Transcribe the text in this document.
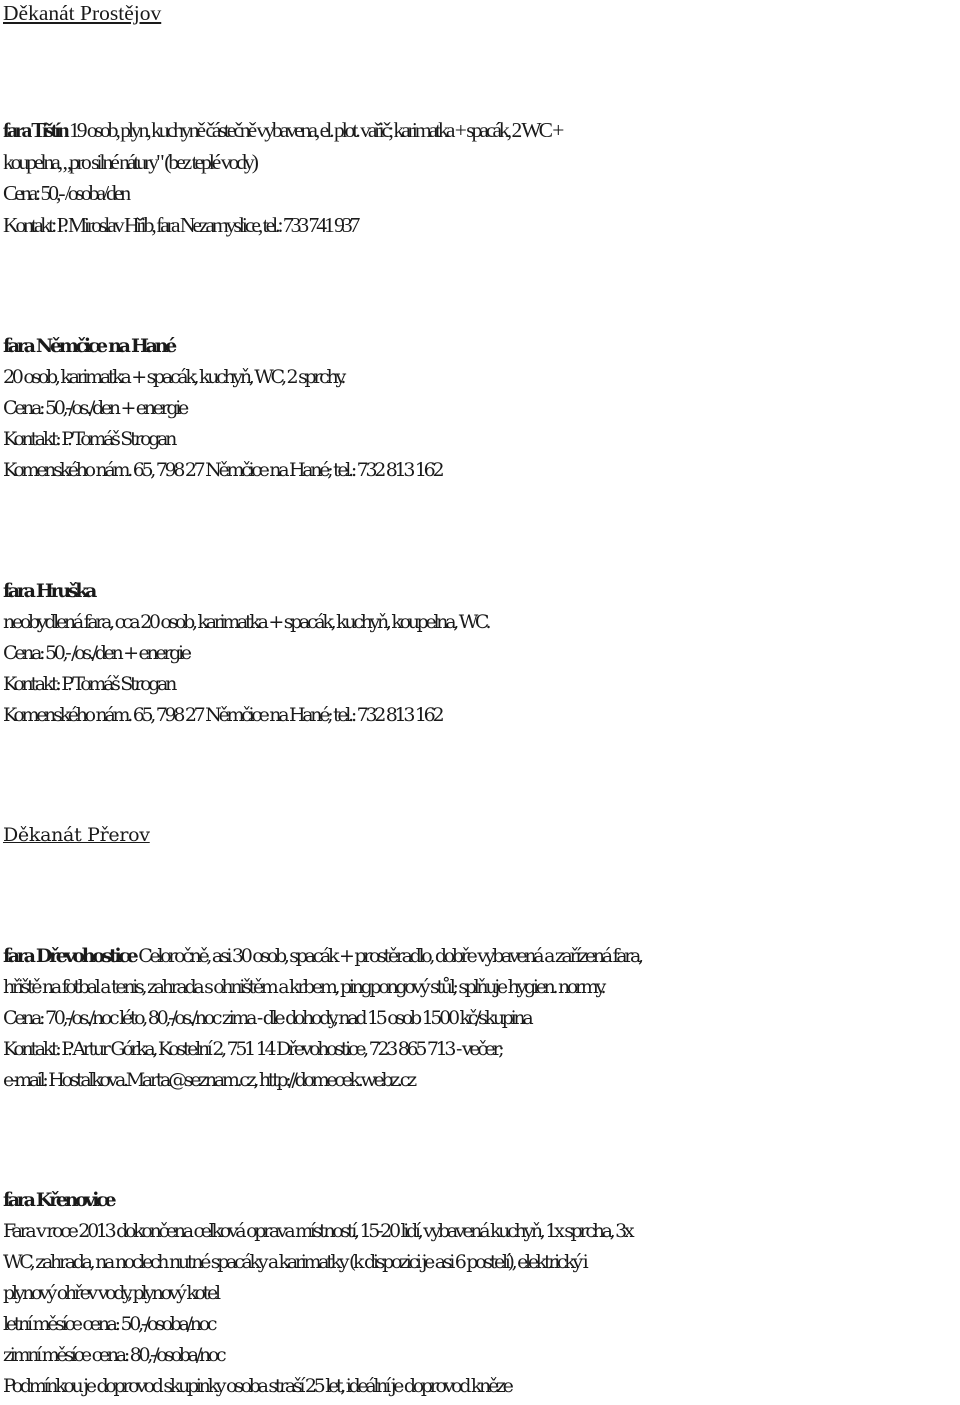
Děkanát Prostějov
fara Tištín 19 osob, plyn, kuchyně částečně vybavena, el. plot. vařič; karimatka + spacák, 2 WC +
koupelna, „pro silné nátury" (bez teplé vody)
Cena: 50,- /osoba/den
Kontakt: P. Miroslav Hřib, fara Nezamyslice, tel.: 733 741 937
fara Němčice na Hané
20 osob, karimatka + spacák, kuchyň, WC, 2 sprchy.
Cena: 50,-/os./den + energie
Kontakt: P. Tomáš Strogan
Komenského nám. 65, 798 27 Němčice na Hané; tel.: 732 813 162
fara Hruška
neobydlená fara, cca 20 osob, karimatka + spacák, kuchyň, koupelna, WC.
Cena: 50,- /os./den + energie
Kontakt: P. Tomáš Strogan
Komenského nám. 65, 798 27 Němčice na Hané; tel.: 732 813 162
Děkanát Přerov
fara Dřevohostice Celoročně, asi 30 osob, spacák + prostěradlo, dobře vybavená a zařízená fara,
hřiště na fotbal a tenis, zahrada s ohništěm a krbem, pingpongový stůl; splňuje hygien. normy.
Cena: 70,-/os./noc léto, 80,-/os./noc zima - dle dohody, nad 15 osob 1500 kč/skupina
Kontakt: P. Artur Górka, Kostelní 2, 751 14 Dřevohostice, 723 865 713 - večer;
e-mail: Hostalkova.Marta@seznam.cz, http://domecek.webz.cz
fara Křenovice
Fara v roce 2013 dokončena celková oprava místností, 15-20 lidí, vybavená kuchyň, 1x sprcha, 3x
WC, zahrada, na noclech nutné spacáky a karimatky (k dispozici je asi 6 postelí), elektrický i
plynový ohřev vody, plynový kotel
letní měsíce cena: 50,-/osoba/noc
zimní měsíce cena: 80,-/osoba/noc
Podmínkou je doprovod skupinky osoba straší 25 let, ideální je doprovod kněze
